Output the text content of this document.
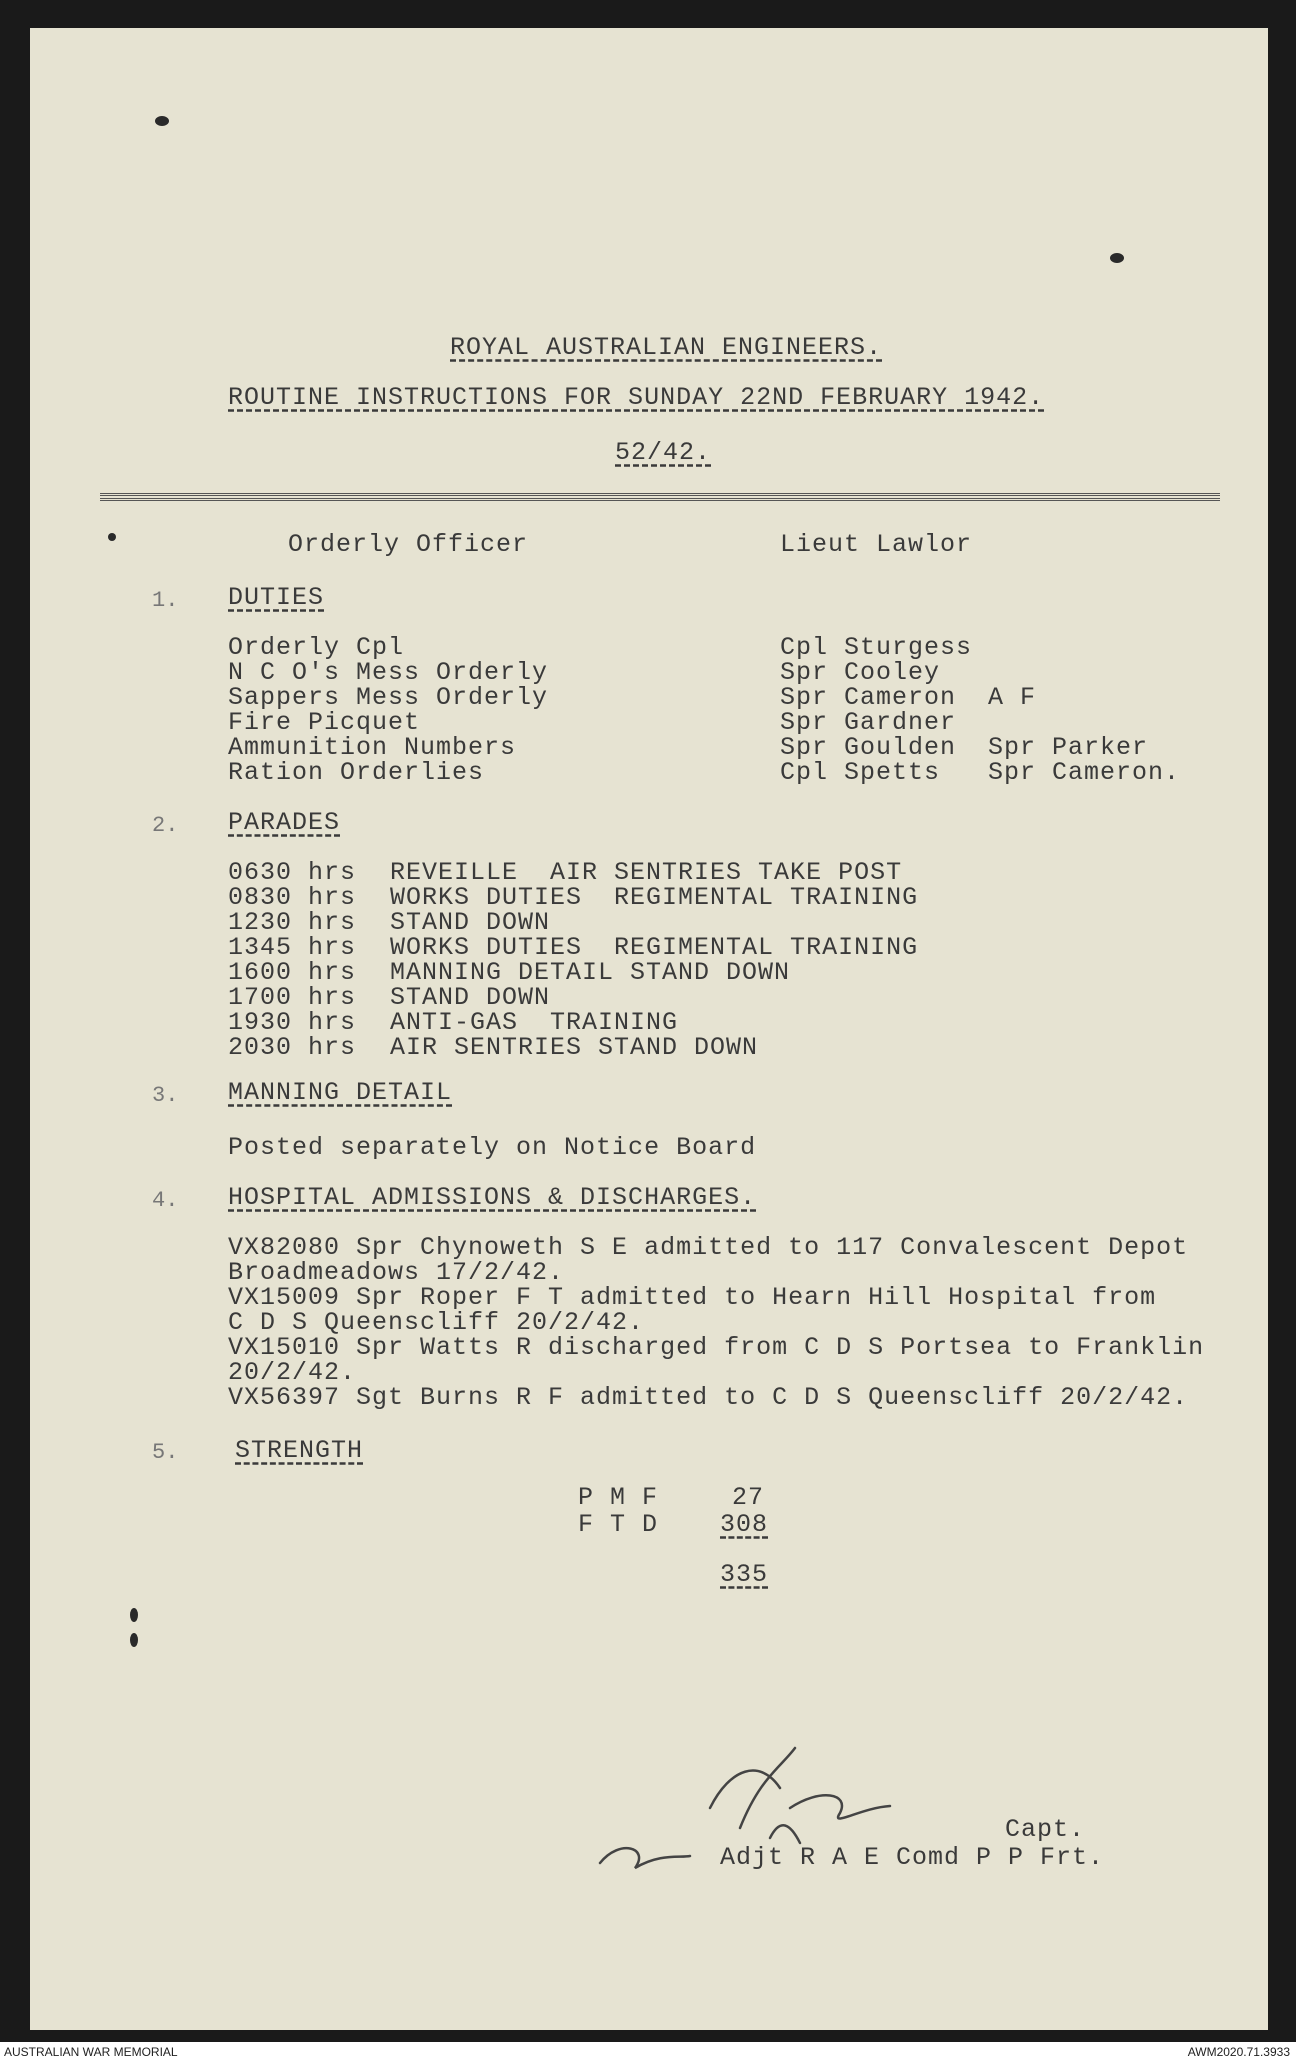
ROYAL AUSTRALIAN ENGINEERS.
ROUTINE INSTRUCTIONS FOR SUNDAY 22ND FEBRUARY 1942.
52/42.
Orderly Officer	Lieut Lawlor
1. DUTIES
2. PARADES
3. MANNING DETAIL
Posted separately on Notice Board
4. HOSPITAL ADMISSIONS & DISCHARGES.
5. STRENGTH
P M F	27
F T D 308
335
Capt.
Adjt R A E Comd P P Frt.
Orderly Cpl	Cpl Sturgess
N C O's Mess Orderly	Spr Cooley
Sappers Mess Orderly	Spr Cameron  A F
Fire Picquet	Spr Gardner
Ammunition Numbers	Spr Goulden  Spr Parker
Ration Orderlies	Cpl Spetts   Spr Cameron.
0630 hrs REVEILLE  AIR SENTRIES TAKE POST
0830 hrs WORKS DUTIES  REGIMENTAL TRAINING
1230 hrs STAND DOWN
1345 hrs WORKS DUTIES  REGIMENTAL TRAINING
1600 hrs MANNING DETAIL STAND DOWN
1700 hrs STAND DOWN
1930 hrs ANTI-GAS  TRAINING
2030 hrs AIR SENTRIES STAND DOWN
VX82080 Spr Chynoweth S E admitted to 117 Convalescent Depot
Broadmeadows 17/2/42.
VX15009 Spr Roper F T admitted to Hearn Hill Hospital from
C D S Queenscliff 20/2/42.
VX15010 Spr Watts R discharged from C D S Portsea to Franklin
20/2/42.
VX56397 Sgt Burns R F admitted to C D S Queenscliff 20/2/42.
AUSTRALIAN WAR MEMORIAL	AWM2020.71.3933
